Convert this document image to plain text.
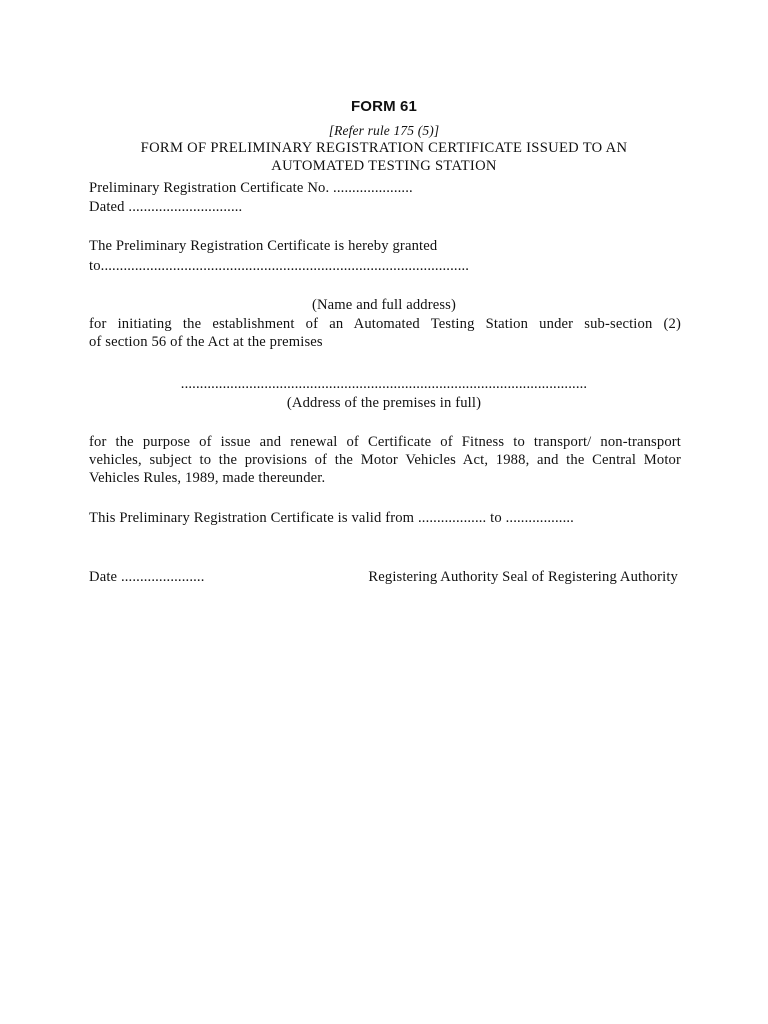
FORM 61
[Refer rule 175 (5)]
FORM OF PRELIMINARY REGISTRATION CERTIFICATE ISSUED TO AN
AUTOMATED TESTING STATION
Preliminary Registration Certificate No. .....................
Dated ..............................
The Preliminary Registration Certificate is hereby granted
to.................................................................................................
(Name and full address)
for initiating the establishment of an Automated Testing Station under sub-section (2)
of section 56 of the Act at the premises
...........................................................................................................
(Address of the premises in full)
for the purpose of issue and renewal of Certificate of Fitness to transport/ non-transport
vehicles, subject to the provisions of the Motor Vehicles Act, 1988, and the Central Motor
Vehicles Rules, 1989, made thereunder.
This Preliminary Registration Certificate is valid from .................. to ..................
Date ......................	Registering Authority Seal of Registering Authority
